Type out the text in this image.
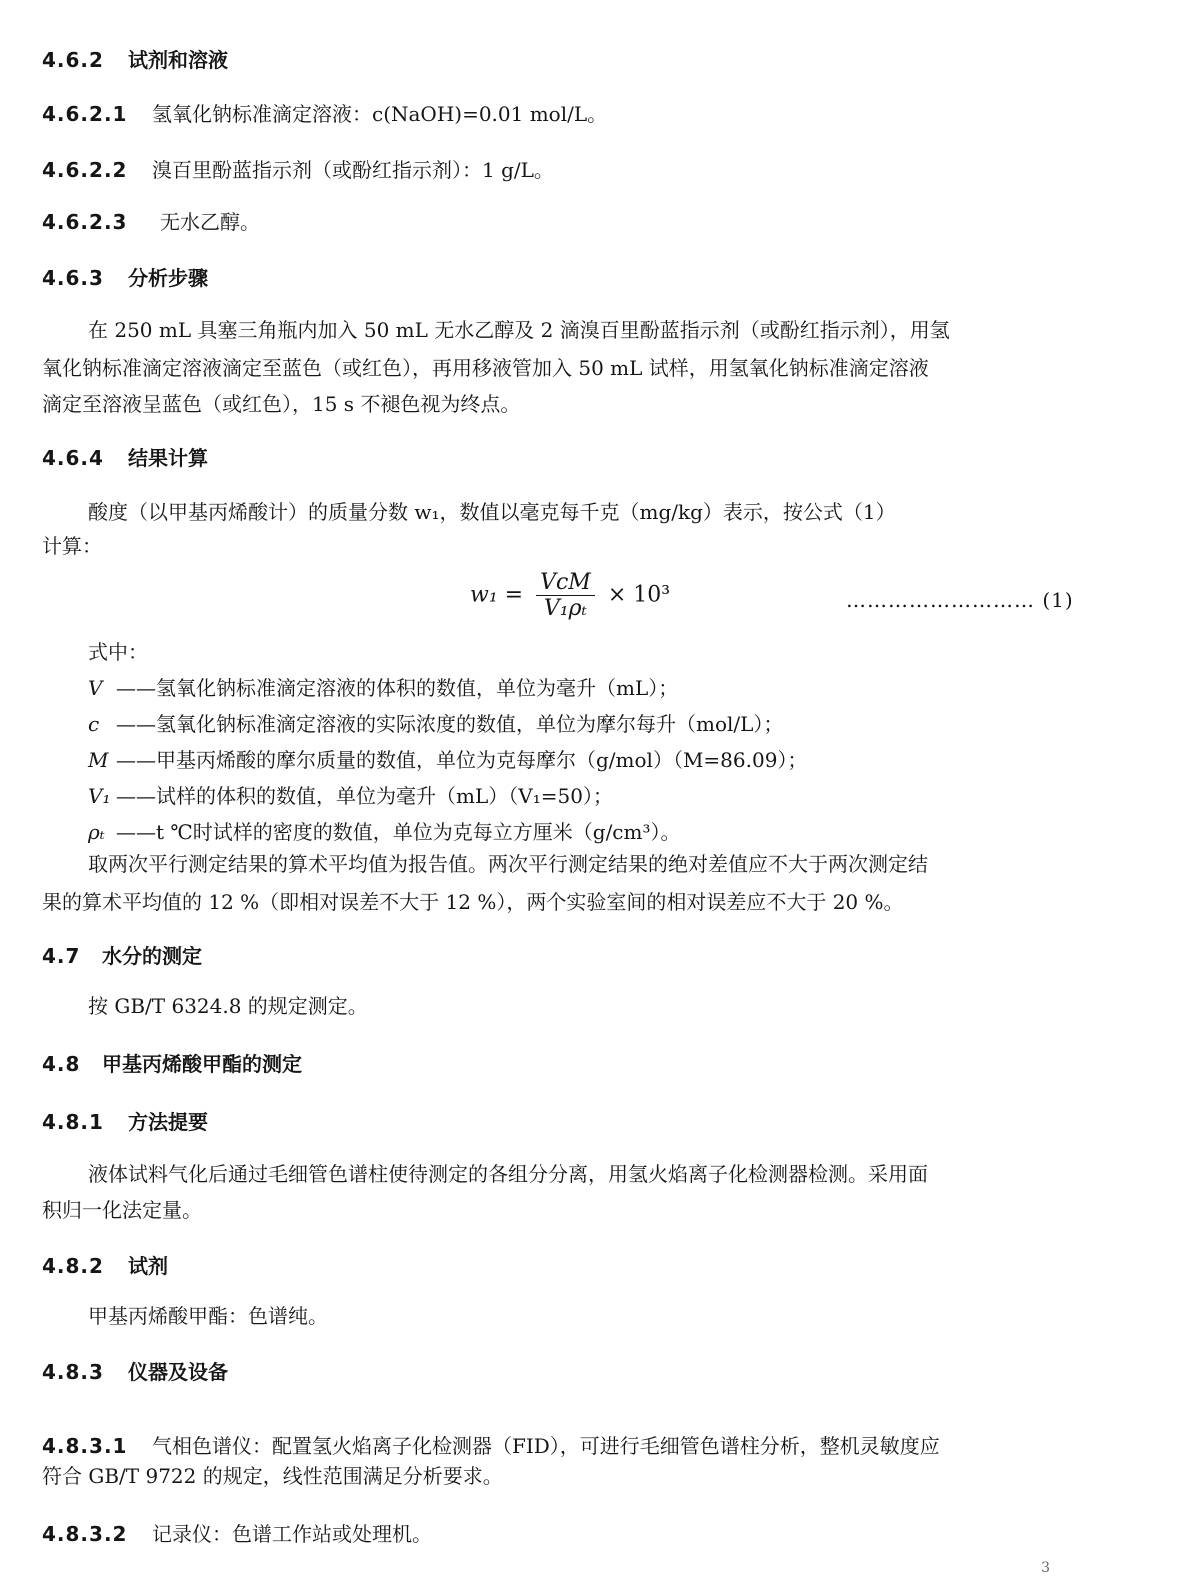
4.6.2 试剂和溶液
4.6.2.1 氢氧化钠标准滴定溶液：c(NaOH)=0.01 mol/L。
4.6.2.2 溴百里酚蓝指示剂（或酚红指示剂）：1 g/L。
4.6.2.3 无水乙醇。
4.6.3 分析步骤
在 250 mL 具塞三角瓶内加入 50 mL 无水乙醇及 2 滴溴百里酚蓝指示剂（或酚红指示剂），用氢
氧化钠标准滴定溶液滴定至蓝色（或红色），再用移液管加入 50 mL 试样，用氢氧化钠标准滴定溶液
滴定至溶液呈蓝色（或红色），15 s 不褪色视为终点。
4.6.4 结果计算
酸度（以甲基丙烯酸计）的质量分数 w₁，数值以毫克每千克（mg/kg）表示，按公式（1）
计算：
$w_1 = \frac{\text{VcM}}{\text{V₁ρₜ}} \times 10^3$	……………………… (1)
式中：
V ——氢氧化钠标准滴定溶液的体积的数值，单位为毫升（mL）；
c ——氢氧化钠标准滴定溶液的实际浓度的数值，单位为摩尔每升（mol/L）；
M ——甲基丙烯酸的摩尔质量的数值，单位为克每摩尔（g/mol）（M=86.09）；
V₁ ——试样的体积的数值，单位为毫升（mL）（V₁=50）；
ρₜ ——t ℃时试样的密度的数值，单位为克每立方厘米（g/cm³）。
取两次平行测定结果的算术平均值为报告值。两次平行测定结果的绝对差值应不大于两次测定结
果的算术平均值的 12 %（即相对误差不大于 12 %），两个实验室间的相对误差应不大于 20 %。
4.7 水分的测定
按 GB/T 6324.8 的规定测定。
4.8 甲基丙烯酸甲酯的测定
4.8.1 方法提要
液体试料气化后通过毛细管色谱柱使待测定的各组分分离，用氢火焰离子化检测器检测。采用面
积归一化法定量。
4.8.2 试剂
甲基丙烯酸甲酯：色谱纯。
4.8.3 仪器及设备
4.8.3.1 气相色谱仪：配置氢火焰离子化检测器（FID），可进行毛细管色谱柱分析，整机灵敏度应
符合 GB/T 9722 的规定，线性范围满足分析要求。
4.8.3.2 记录仪：色谱工作站或处理机。
3
